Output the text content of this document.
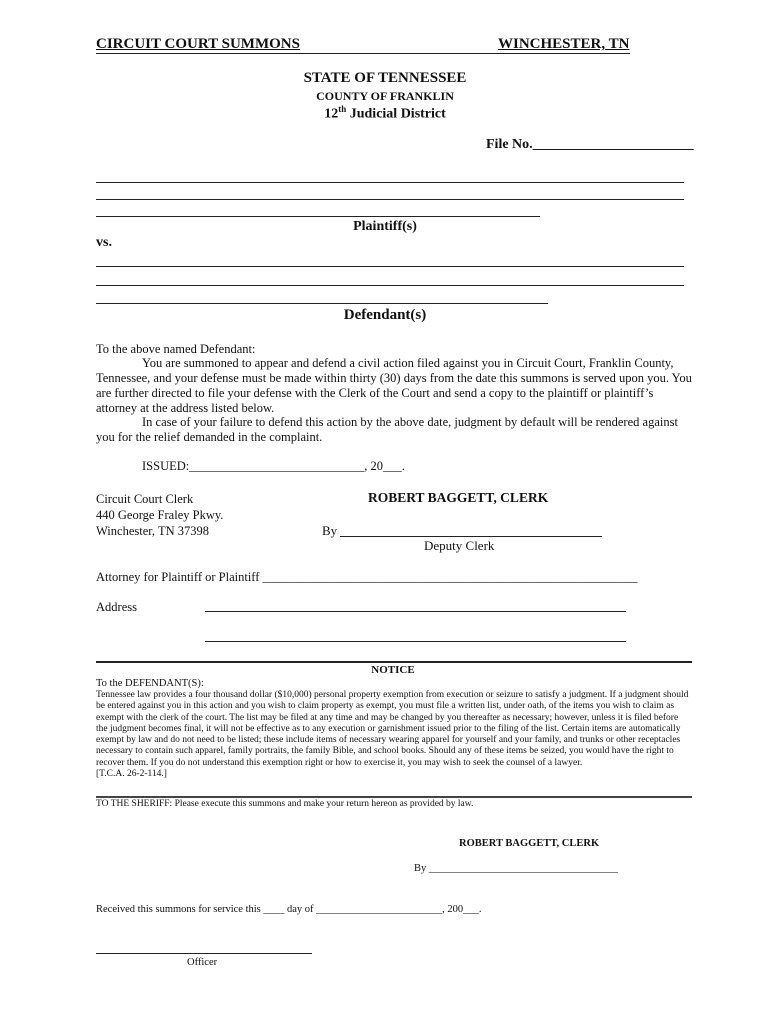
CIRCUIT COURT SUMMONS	WINCHESTER, TN
STATE OF TENNESSEE
COUNTY OF FRANKLIN
12th Judicial District
File No._______________________
Plaintiff(s)
vs.
Defendant(s)
To the above named Defendant:
You are summoned to appear and defend a civil action filed against you in Circuit Court, Franklin County, Tennessee, and your defense must be made within thirty (30) days from the date this summons is served upon you. You are further directed to file your defense with the Clerk of the Court and send a copy to the plaintiff or plaintiff’s attorney at the address listed below.
In case of your failure to defend this action by the above date, judgment by default will be rendered against you for the relief demanded in the complaint.
ISSUED:____________________________, 20___.
Circuit Court Clerk
440 George Fraley Pkwy.
Winchester, TN 37398
ROBERT BAGGETT, CLERK
By
Deputy Clerk
Attorney for Plaintiff or Plaintiff ____________________________________________________________
Address
NOTICE
To the DEFENDANT(S):
Tennessee law provides a four thousand dollar ($10,000) personal property exemption from execution or seizure to satisfy a judgment. If a judgment should be entered against you in this action and you wish to claim property as exempt, you must file a written list, under oath, of the items you wish to claim as exempt with the clerk of the court. The list may be filed at any time and may be changed by you thereafter as necessary; however, unless it is filed before the judgment becomes final, it will not be effective as to any execution or garnishment issued prior to the filing of the list. Certain items are automatically exempt by law and do not need to be listed; these include items of necessary wearing apparel for yourself and your family, and trunks or other receptacles necessary to contain such apparel, family portraits, the family Bible, and school books. Should any of these items be seized, you would have the right to recover them. If you do not understand this exemption right or how to exercise it, you may wish to seek the counsel of a lawyer.
[T.C.A. 26-2-114.]
TO THE SHERIFF: Please execute this summons and make your return hereon as provided by law.
ROBERT BAGGETT, CLERK
By ____________________________________
Received this summons for service this ____ day of ________________________, 200___.
Officer
